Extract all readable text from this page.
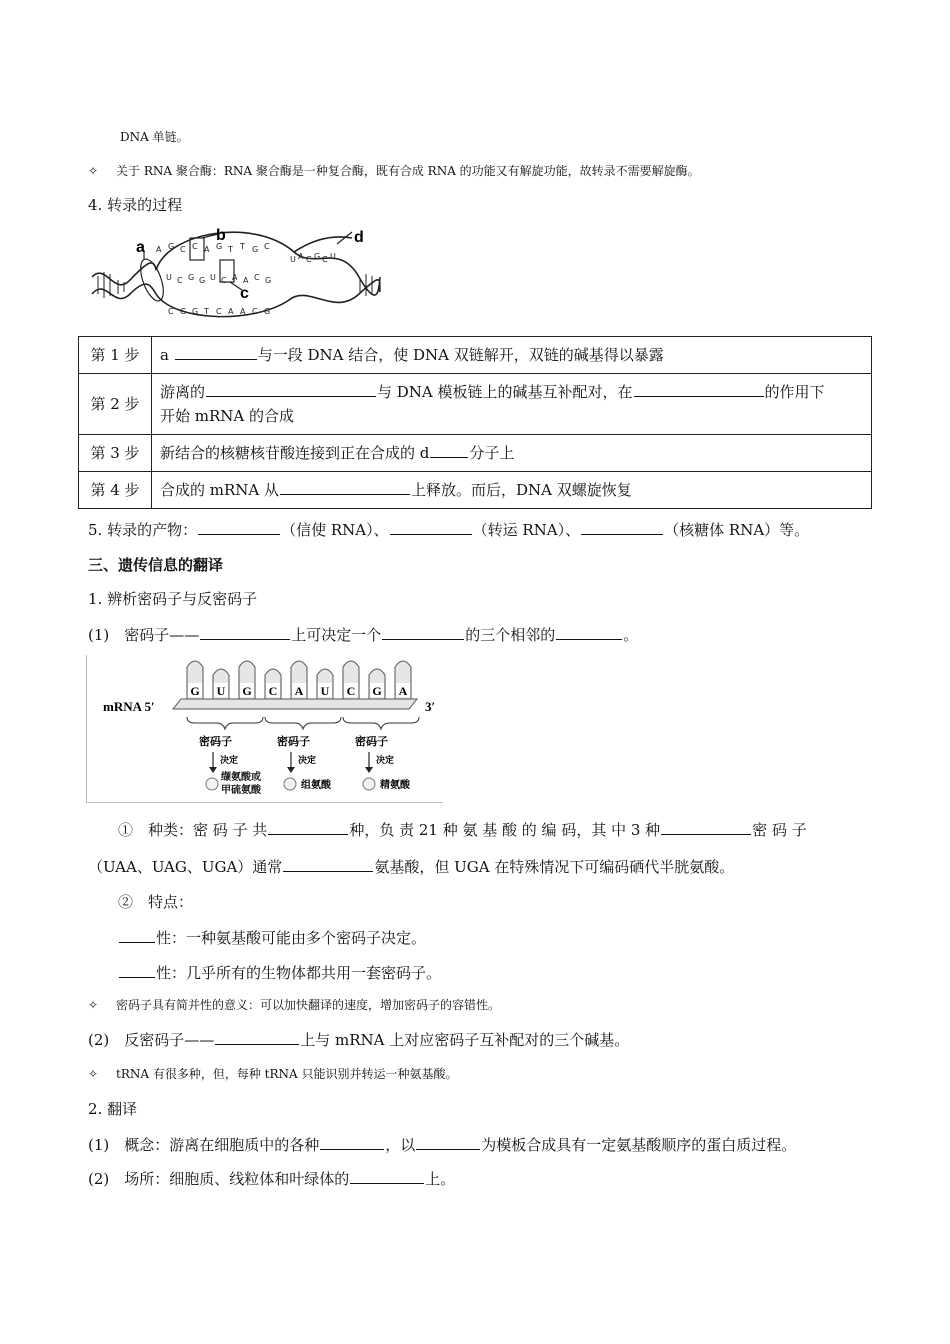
DNA 单链。
✧ 关于 RNA 聚合酶：RNA 聚合酶是一种复合酶，既有合成 RNA 的功能又有解旋功能，故转录不需要解旋酶。
4. 转录的过程
A G C C A G T T G C
U C G G U C A A C G
U A C G C U
C G G T C A A C G
a
b
c
d
第 1 步	a 与一段 DNA 结合，使 DNA 双链解开，双链的碱基得以暴露
第 2 步	游离的 与 DNA 模板链上的碱基互补配对，在 的作用下
开始 mRNA 的合成
第 3 步	新结合的核糖核苷酸连接到正在合成的 d 分子上
第 4 步	合成的 mRNA 从 上释放。而后，DNA 双螺旋恢复
5. 转录的产物：	（信使 RNA）、	（转运 RNA）、	（核糖体 RNA）等。
三、遗传信息的翻译
1. 辨析密码子与反密码子
(1)　密码子——	上可决定一个	的三个相邻的	。
G U G C A U C G A
mRNA 5′	3′
密码子	密码子	密码子
决定	决定	决定
缬氨酸或甲硫氨酸	组氨酸	精氨酸
①　种类：密 码 子 共	种，负 责 21 种 氨 基 酸 的 编 码，其 中 3 种	密 码 子
（UAA、UAG、UGA）通常	氨基酸，但 UGA 在特殊情况下可编码硒代半胱氨酸。
②　特点：
性：一种氨基酸可能由多个密码子决定。
性：几乎所有的生物体都共用一套密码子。
✧ 密码子具有简并性的意义：可以加快翻译的速度，增加密码子的容错性。
(2)　反密码子——	上与 mRNA 上对应密码子互补配对的三个碱基。
✧ tRNA 有很多种，但，每种 tRNA 只能识别并转运一种氨基酸。
2. 翻译
(1)　概念：游离在细胞质中的各种	，以	为模板合成具有一定氨基酸顺序的蛋白质过程。
(2)　场所：细胞质、线粒体和叶绿体的	上。
